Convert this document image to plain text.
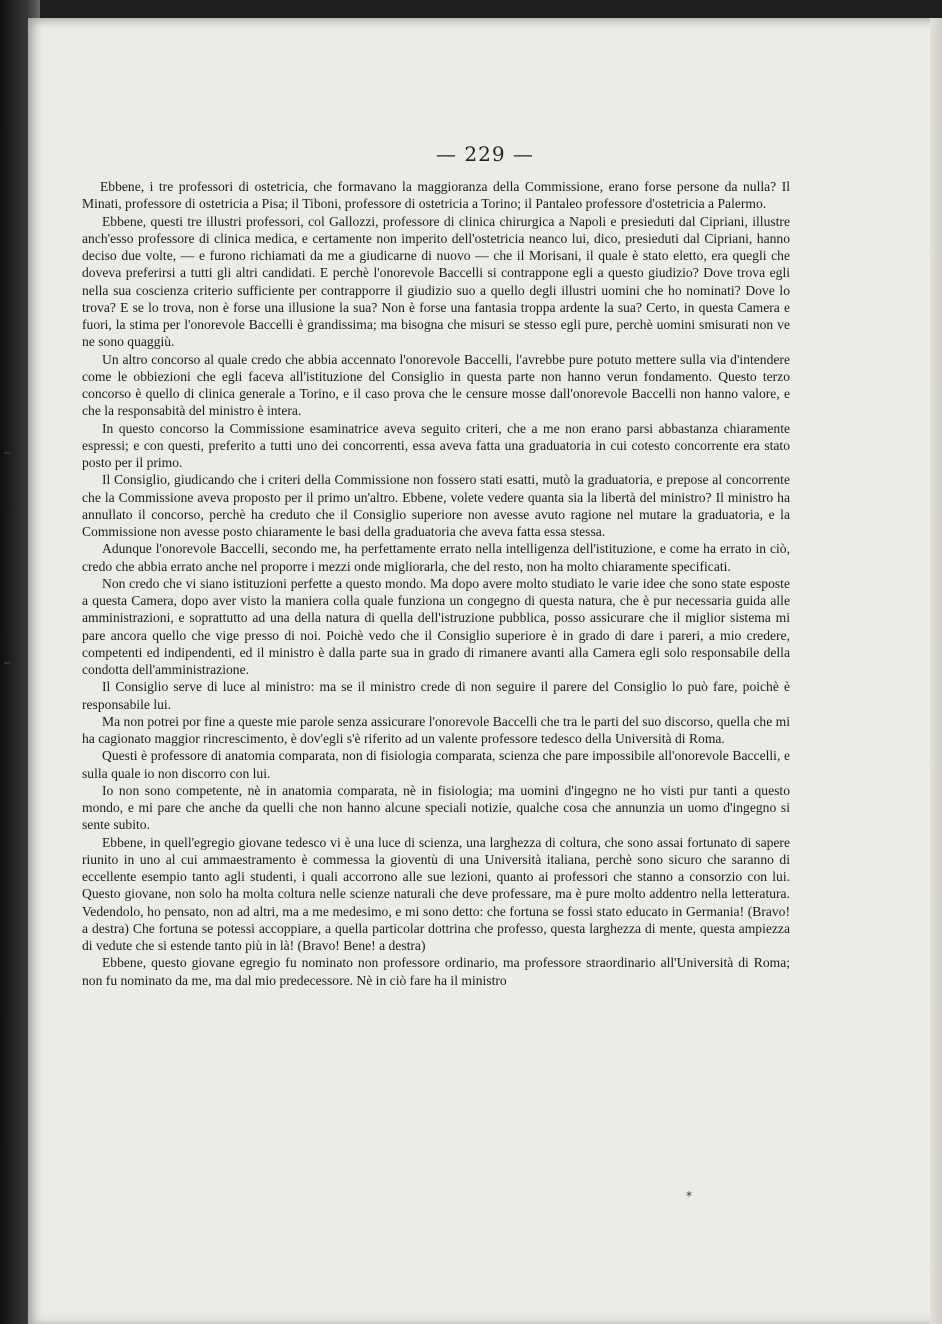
— 229 —

Ebbene, i tre professori di ostetricia, che formavano la maggioranza della Commissione, erano forse persone da nulla? Il Minati, professore di ostetricia a Pisa; il Tiboni, professore di ostetricia a Torino; il Pantaleo professore d'ostetricia a Palermo.

Ebbene, questi tre illustri professori, col Gallozzi, professore di clinica chirurgica a Napoli e presieduti dal Cipriani, illustre anch'esso professore di clinica medica, e certamente non imperito dell'ostetricia neanco lui, dico, presieduti dal Cipriani, hanno deciso due volte, — e furono richiamati da me a giudicarne di nuovo — che il Morisani, il quale è stato eletto, era quegli che doveva preferirsi a tutti gli altri candidati. E perchè l'onorevole Baccelli si contrappone egli a questo giudizio? Dove trova egli nella sua coscienza criterio sufficiente per contrapporre il giudizio suo a quello degli illustri uomini che ho nominati? Dove lo trova? E se lo trova, non è forse una illusione la sua? Non è forse una fantasia troppa ardente la sua? Certo, in questa Camera e fuori, la stima per l'onorevole Baccelli è grandissima; ma bisogna che misuri se stesso egli pure, perchè uomini smisurati non ve ne sono quaggiù.

Un altro concorso al quale credo che abbia accennato l'onorevole Baccelli, l'avrebbe pure potuto mettere sulla via d'intendere come le obbiezioni che egli faceva all'istituzione del Consiglio in questa parte non hanno verun fondamento. Questo terzo concorso è quello di clinica generale a Torino, e il caso prova che le censure mosse dall'onorevole Baccelli non hanno valore, e che la responsabità del ministro è intera.

In questo concorso la Commissione esaminatrice aveva seguito criteri, che a me non erano parsi abbastanza chiaramente espressi; e con questi, preferito a tutti uno dei concorrenti, essa aveva fatta una graduatoria in cui cotesto concorrente era stato posto per il primo.

Il Consiglio, giudicando che i criteri della Commissione non fossero stati esatti, mutò la graduatoria, e prepose al concorrente che la Commissione aveva proposto per il primo un'altro. Ebbene, volete vedere quanta sia la libertà del ministro? Il ministro ha annullato il concorso, perchè ha creduto che il Consiglio superiore non avesse avuto ragione nel mutare la graduatoria, e la Commissione non avesse posto chiaramente le basi della graduatoria che aveva fatta essa stessa.

Adunque l'onorevole Baccelli, secondo me, ha perfettamente errato nella intelligenza dell'istituzione, e come ha errato in ciò, credo che abbia errato anche nel proporre i mezzi onde migliorarla, che del resto, non ha molto chiaramente specificati.

Non credo che vi siano istituzioni perfette a questo mondo. Ma dopo avere molto studiato le varie idee che sono state esposte a questa Camera, dopo aver visto la maniera colla quale funziona un congegno di questa natura, che è pur necessaria guida alle amministrazioni, e soprattutto ad una della natura di quella dell'istruzione pubblica, posso assicurare che il miglior sistema mi pare ancora quello che vige presso di noi. Poichè vedo che il Consiglio superiore è in grado di dare i pareri, a mio credere, competenti ed indipendenti, ed il ministro è dalla parte sua in grado di rimanere avanti alla Camera egli solo responsabile della condotta dell'amministrazione.

Il Consiglio serve di luce al ministro: ma se il ministro crede di non seguire il parere del Consiglio lo può fare, poichè è responsabile lui.

Ma non potrei por fine a queste mie parole senza assicurare l'onorevole Baccelli che tra le parti del suo discorso, quella che mi ha cagionato maggior rincrescimento, è dov'egli s'è riferito ad un valente professore tedesco della Università di Roma.

Questi è professore di anatomia comparata, non di fisiologia comparata, scienza che pare impossibile all'onorevole Baccelli, e sulla quale io non discorro con lui.

Io non sono competente, nè in anatomia comparata, nè in fisiologia; ma uomini d'ingegno ne ho visti pur tanti a questo mondo, e mi pare che anche da quelli che non hanno alcune speciali notizie, qualche cosa che annunzia un uomo d'ingegno si sente subito.

Ebbene, in quell'egregio giovane tedesco vi è una luce di scienza, una larghezza di coltura, che sono assai fortunato di sapere riunito in uno al cui ammaestramento è commessa la gioventù di una Università italiana, perchè sono sicuro che saranno di eccellente esempio tanto agli studenti, i quali accorrono alle sue lezioni, quanto ai professori che stanno a consorzio con lui. Questo giovane, non solo ha molta coltura nelle scienze naturali che deve professare, ma è pure molto addentro nella letteratura. Vedendolo, ho pensato, non ad altri, ma a me medesimo, e mi sono detto: che fortuna se fossi stato educato in Germania! (Bravo! a destra) Che fortuna se potessi accoppiare, a quella particolar dottrina che professo, questa larghezza di mente, questa ampiezza di vedute che si estende tanto più in là! (Bravo! Bene! a destra)

Ebbene, questo giovane egregio fu nominato non professore ordinario, ma professore straordinario all'Università di Roma; non fu nominato da me, ma dal mio predecessore. Nè in ciò fare ha il ministro

*
